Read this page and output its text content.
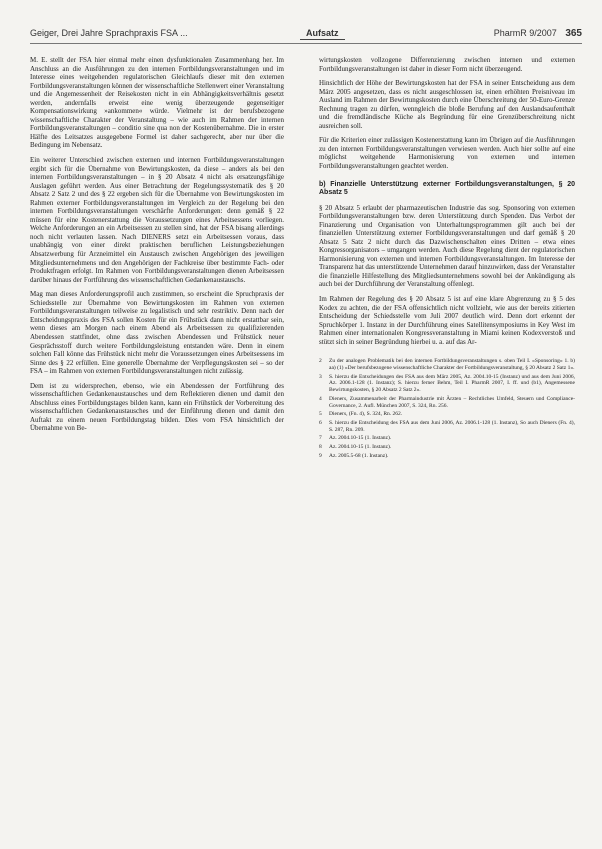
Geiger, Drei Jahre Sprachpraxis FSA ...	Aufsatz	PharmR 9/2007 365

M. E. stellt der FSA hier einmal mehr einen dysfunktionalen Zusammenhang her. Im Anschluss an die Ausführungen zu den internen Fortbildungsveranstaltungen und im Interesse eines weitgehenden regulatorischen Gleichlaufs dieser mit den externen Fortbildungsveranstaltungen können der wissenschaftliche Stellenwert einer Veranstaltung und die Angemessenheit der Reisekosten nicht in ein Abhängigkeitsverhältnis gesetzt werden, andernfalls erweist eine wenig überzeugende gegenseitiger Kompensationswirkung »ankommen« würde. Vielmehr ist der berufsbezogene wissenschaftliche Charakter der Veranstaltung – wie auch im Rahmen der internen Fortbildungsveranstaltungen – conditio sine qua non der Kostenübernahme. Die in erster Hälfte des Leitsatzes ausgegebene Formel ist daher sachgerecht, aber nur über die Bedingung im Nebensatz.

Ein weiterer Unterschied zwischen externen und internen Fortbildungsveranstaltungen ergibt sich für die Übernahme von Bewirtungskosten, da diese – anders als bei den internen Fortbildungsveranstaltungen – in § 20 Absatz 4 nicht als ersatzungsfähige Auslagen geführt werden. Aus einer Betrachtung der Regelungssystematik des § 20 Absatz 2 Satz 2 und des § 22 ergeben sich für die Übernahme von Bewirtungskosten im Rahmen externer Fortbildungsveranstaltungen im Vergleich zu der Regelung bei den internen Fortbildungsveranstaltungen verschärfte Anforderungen: denn gemäß § 22 müssen für eine Kostenerstattung die Voraussetzungen eines Arbeitsessens vorliegen. Welche Anforderungen an ein Arbeitsessen zu stellen sind, hat der FSA bisang allerdings noch nicht verlauten lassen. Nach DIENERS setzt ein Arbeitsessen voraus, dass unabhängig von einer direkt praktischen beruflichen Leistungsbeziehungen Absatzwerbung für Arzneimittel ein Austausch zwischen Angehörigen des jeweiligen Mitgliedsunternehmens und den Angehörigen der Fachkreise über bestimmte Fach- oder Produktfragen erfolgt. Im Rahmen von Fortbildungsveranstaltungen dienen Arbeitsessen darüber hinaus der Fortführung des wissenschaftlichen Gedankenaustauschs.

Mag man dieses Anforderungsprofil auch zustimmen, so erscheint die Spruchpraxis der Schiedsstelle zur Übernahme von Bewirtungskosten im Rahmen von externen Fortbildungsveranstaltungen teilweise zu legalistisch und sehr restriktiv. Denn nach der Entscheidungspraxis des FSA sollen Kosten für ein Frühstück dann nicht erstattbar sein, wenn dieses am Morgen nach einem Abend als Arbeitsessen zu qualifizierenden Abendessen stattfindet, ohne dass zwischen Abendessen und Frühstück neuer Gesprächsstoff durch weitere Fortbildungsleistung entstanden wäre. Denn in einem solchen Fall könne das Frühstück nicht mehr die Voraussetzungen eines Arbeitsessens im Sinne des § 22 erfüllen. Eine generelle Übernahme der Verpflegungskosten sei – so der FSA – im Rahmen von externen Fortbildungsveranstaltungen nicht zulässig.

Dem ist zu widersprechen, ebenso, wie ein Abendessen der Fortführung des wissenschaftlichen Gedankenaustausches und dem Reflektieren dienen und damit den Abschluss eines Fortbildungstages bilden kann, kann ein Frühstück der Vorbereitung des wissenschaftlichen Gedankenaustausches und der Einführung dienen und damit den Auftakt zu einem neuen Fortbildungstag bilden. Dies vom FSA hinsichtlich der Übernahme von Be-

wirtungskosten vollzogene Differenzierung zwischen internen und externen Fortbildungsveranstaltungen ist daher in dieser Form nicht überzeugend.

Hinsichtlich der Höhe der Bewirtungskosten hat der FSA in seiner Entscheidung aus dem März 2005 angesetzen, dass es nicht ausgeschlossen ist, einen erhöhten Preisniveau im Ausland im Rahmen der Bewirtungskosten durch eine Überschreitung der 50-Euro-Grenze Rechnung tragen zu dürfen, wenngleich die bloße Berufung auf den Auslandsaufenthalt und die fremdländische Küche als Begründung für eine Grenzüberschreitung nicht ausreichen soll.

Für die Kriterien einer zulässigen Kostenerstattung kann im Übrigen auf die Ausführungen zu den internen Fortbildungsveranstaltungen verwiesen werden. Auch hier sollte auf eine möglichst weitgehende Harmonisierung von externen und internen Fortbildungsveranstaltungen geachtet werden.

b) Finanzielle Unterstützung externer Fortbildungsveranstaltungen, § 20 Absatz 5

§ 20 Absatz 5 erlaubt der pharmazeutischen Industrie das sog. Sponsoring von externen Fortbildungsveranstaltungen bzw. deren Unterstützung durch Spenden. Das Verbot der Finanzierung und Organisation von Unterhaltungsprogrammen gilt auch bei der finanziellen Unterstützung externer Fortbildungsveranstaltungen und darf gemäß § 20 Absatz 5 Satz 2 nicht durch das Dazwischenschalten eines Dritten – etwa eines Kongressorganisators – umgangen werden. Auch diese Regelung dient der regulatorischen Harmonisierung von externen und internen Fortbildungsveranstaltungen. Im Interesse der Transparenz hat das unterstützende Unternehmen darauf hinzuwirken, dass der Veranstalter die finanzielle Hilfestellung des Mitgliedsunternehmens sowohl bei der Ankündigung als auch bei der Durchführung der Veranstaltung offenlegt.

Im Rahmen der Regelung des § 20 Absatz 5 ist auf eine klare Abgrenzung zu § 5 des Kodex zu achten, die der FSA offensichtlich nicht vollzieht, wie aus der bereits zitierten Entscheidung der Schiedsstelle vom Juli 2007 deutlich wird. Denn dort erkennt der Spruchkörper 1. Instanz in der Durchführung eines Satellitensymposiums in Key West im Rahmen einer internationalen Kongressveranstaltung in Miami keinen Kodexverstoß und stützt sich in seiner Begründung hierbei u. a. auf das Ar-

2	Zu der analogen Problematik bei den internen Fortbildungsveranstaltungen s. oben Teil I. »Sponsoring« 1. b) aa) (1) »Der berufsbezogene wissenschaftliche Charakter der Fortbildungsveranstaltung, § 20 Absatz 2 Satz 1«.
3	S. hierzu die Entscheidungen des FSA aus dem März 2005, Az. 2004.10-15 (Instanz) und aus dem Juni 2006, Az. 2006.1-128 (1. Instanz); S. hierzu ferner Behm, Teil I. PharmR 2007, I. ff. und (b1), Angemessene Bewirtungskosten, § 20 Absatz 2 Satz 2«.
4	Dieners, Zusammenarbeit der Pharmaindustrie mit Ärzten – Rechtliches Umfeld, Steuern und Compliance-Governance, 2. Aufl. München 2007, S. 324, Rn. 256.
5	Dieners, (Fn. 4), S. 324, Rn. 262.
6	S. hierzu die Entscheidung des FSA aus dem Juni 2006, Az. 2006.1-128 (1. Instanz), So auch Dieners (Fn. 4), S. 287, Rn. 209.
7	Az. 2004.10-15 (1. Instanz).
8	Az. 2004.10-15 (1. Instanz).
9	Az. 2005.5-68 (1. Instanz).
